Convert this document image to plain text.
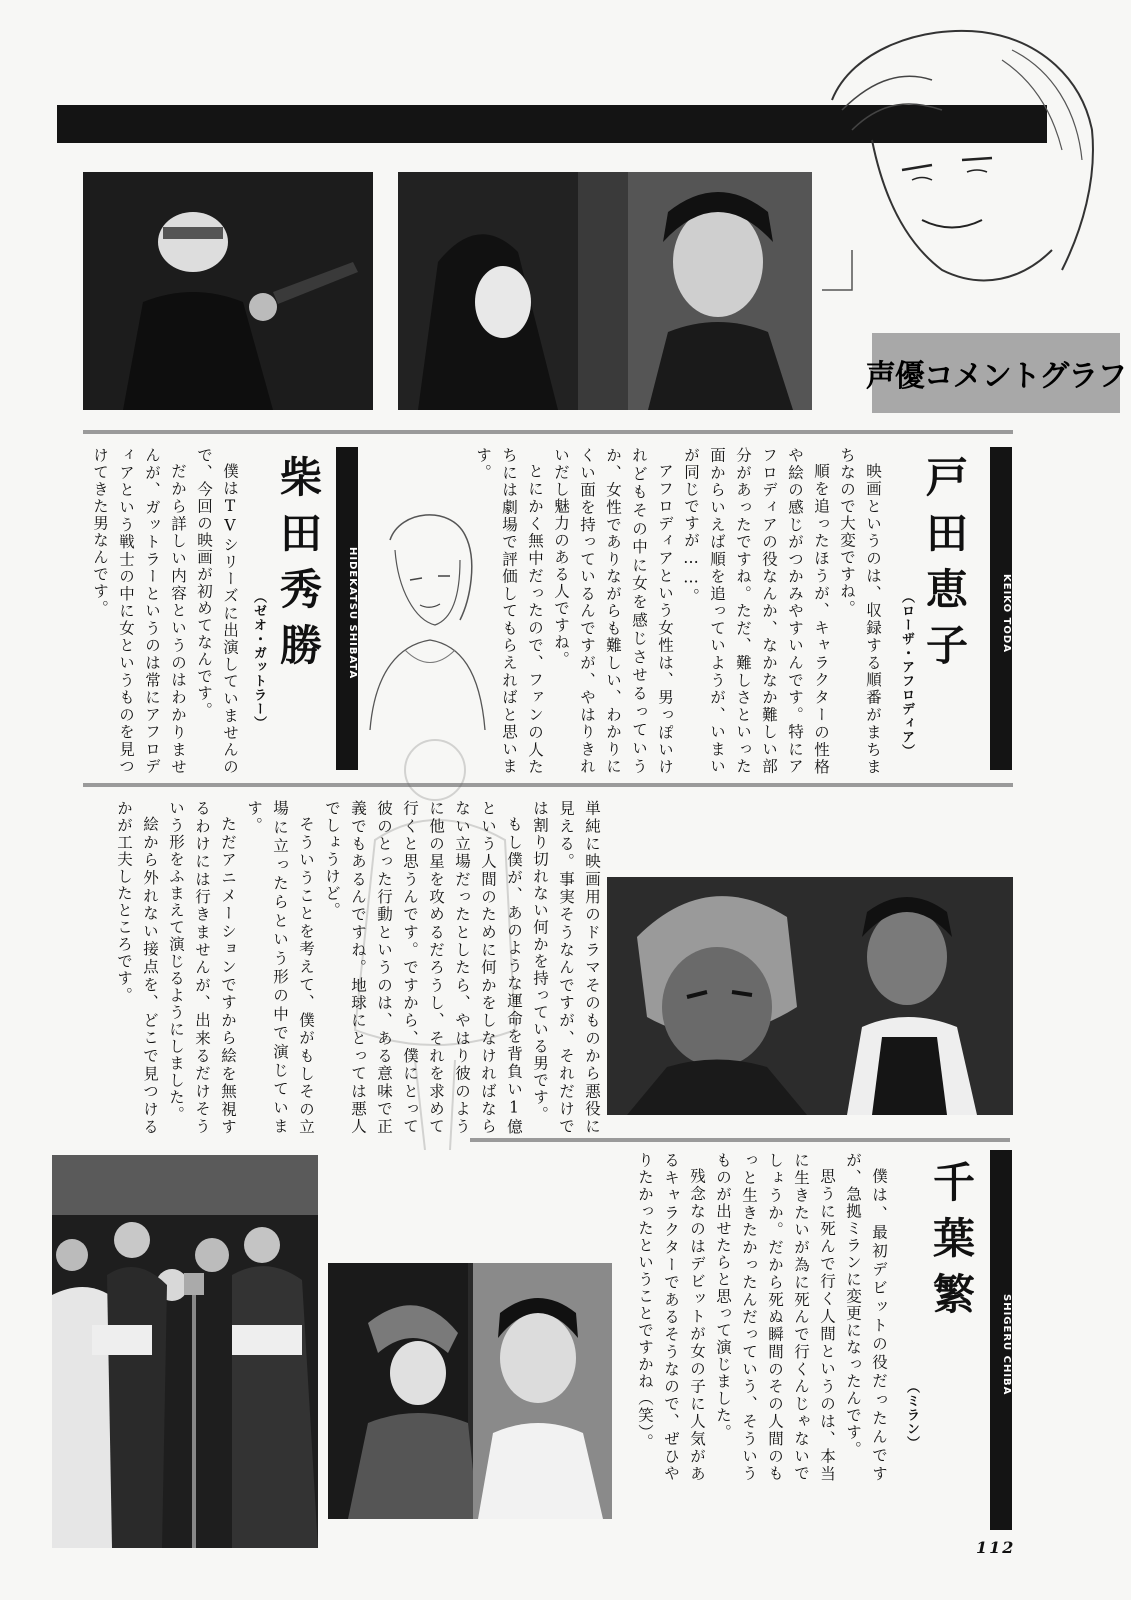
声優コメントグラフ
KEIKO TODA
戸田恵子
（ローザ・アフロディア）

映画というのは、収録する順番がまちまちなので大変ですね。

順を追ったほうが、キャラクターの性格や絵の感じがつかみやすいんです。特にアフロディアの役なんか、なかなか難しい部分があったですね。ただ、難しさといった面からいえば順を追っていようが、いまいが同じですが……。

アフロディアという女性は、男っぽいけれどもその中に女を感じさせるっていうか、女性でありながらも難しい、わかりにくい面を持っているんですが、やはりきれいだし魅力のある人ですね。

とにかく無中だったので、ファンの人たちには劇場で評価してもらえればと思います。

HIDEKATSU SHIBATA
柴田秀勝
（ゼオ・ガットラー）

僕はTVシリーズに出演していませんので、今回の映画が初めてなんです。

だから詳しい内容というのはわかりませんが、ガットラーというのは常にアフロディアという戦士の中に女というものを見つけてきた男なんです。

単純に映画用のドラマそのものから悪役に見える。事実そうなんですが、それだけでは割り切れない何かを持っている男です。

もし僕が、あのような運命を背負い1億という人間のために何かをしなければならない立場だったとしたら、やはり彼のように他の星を攻めるだろうし、それを求めて行くと思うんです。ですから、僕にとって彼のとった行動というのは、ある意味で正義でもあるんですね。地球にとっては悪人でしょうけど。

そういうことを考えて、僕がもしその立場に立ったらという形の中で演じています。

ただアニメーションですから絵を無視するわけには行きませんが、出来るだけそういう形をふまえて演じるようにしました。

絵から外れない接点を、どこで見つけるかが工夫したところです。

SHIGERU CHIBA
千葉繁
（ミラン）

僕は、最初デビットの役だったんですが、急拠ミランに変更になったんです。

思うに死んで行く人間というのは、本当に生きたいが為に死んで行くんじゃないでしょうか。だから死ぬ瞬間のその人間のもっと生きたかったんだっていう、そういうものが出せたらと思って演じました。

残念なのはデビットが女の子に人気があるキャラクターであるそうなので、ぜひやりたかったということですかね（笑）。

112
